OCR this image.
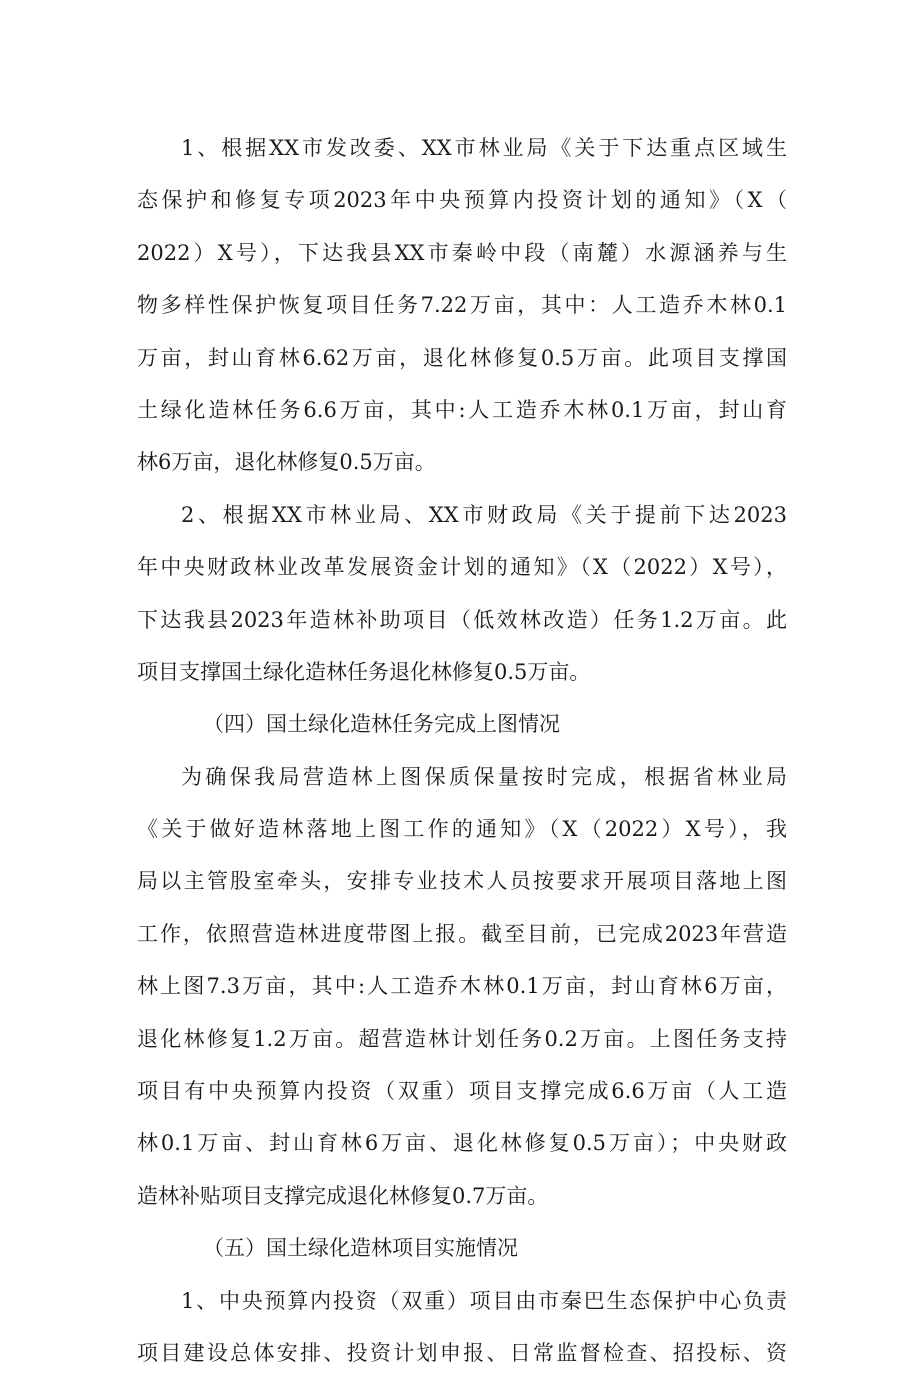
1、根据XX市发改委、XX市林业局《关于下达重点区域生
态保护和修复专项2023年中央预算内投资计划的通知》（X（
2022）X号），下达我县XX市秦岭中段（南麓）水源涵养与生
物多样性保护恢复项目任务7.22万亩，其中：人工造乔木林0.1
万亩，封山育林6.62万亩，退化林修复0.5万亩。此项目支撑国
土绿化造林任务6.6万亩，其中:人工造乔木林0.1万亩，封山育
林6万亩，退化林修复0.5万亩。
2、根据XX市林业局、XX市财政局《关于提前下达2023
年中央财政林业改革发展资金计划的通知》（X（2022）X号），
下达我县2023年造林补助项目（低效林改造）任务1.2万亩。此
项目支撑国土绿化造林任务退化林修复0.5万亩。
（四）国土绿化造林任务完成上图情况
为确保我局营造林上图保质保量按时完成，根据省林业局
《关于做好造林落地上图工作的通知》（X（2022）X号），我
局以主管股室牵头，安排专业技术人员按要求开展项目落地上图
工作，依照营造林进度带图上报。截至目前，已完成2023年营造
林上图7.3万亩，其中:人工造乔木林0.1万亩，封山育林6万亩，
退化林修复1.2万亩。超营造林计划任务0.2万亩。上图任务支持
项目有中央预算内投资（双重）项目支撑完成6.6万亩（人工造
林0.1万亩、封山育林6万亩、退化林修复0.5万亩）；中央财政
造林补贴项目支撑完成退化林修复0.7万亩。
（五）国土绿化造林项目实施情况
1、中央预算内投资（双重）项目由市秦巴生态保护中心负责
项目建设总体安排、投资计划申报、日常监督检查、招投标、资
